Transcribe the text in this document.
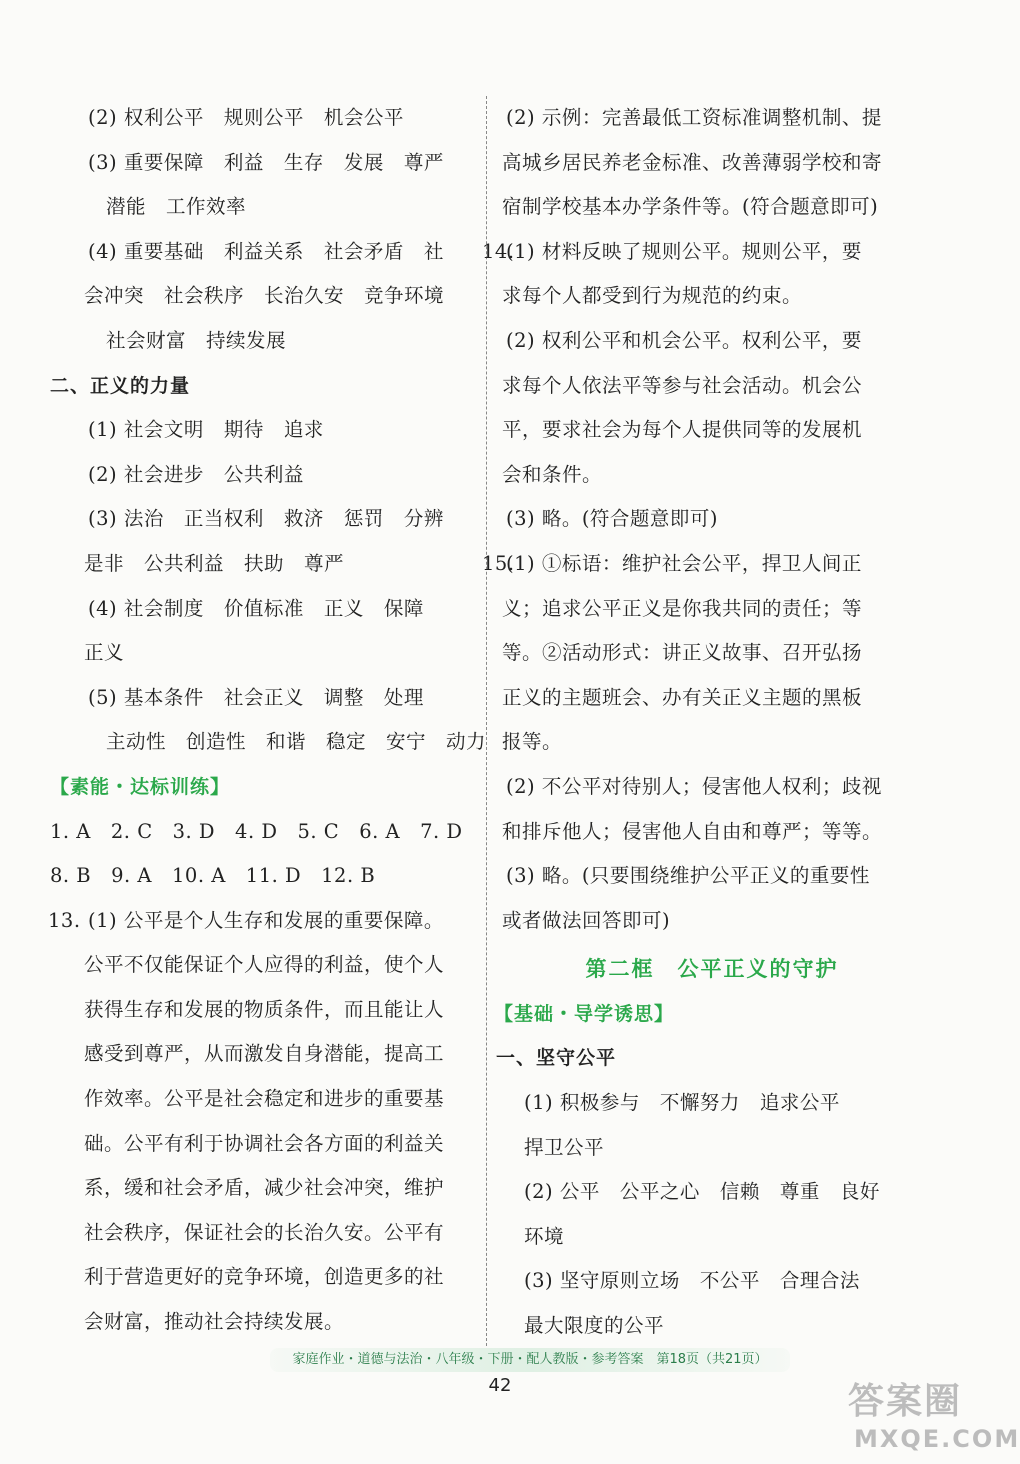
(2) 权利公平　规则公平　机会公平
(3) 重要保障　利益　生存　发展　尊严
潜能　工作效率
(4) 重要基础　利益关系　社会矛盾　社
会冲突　社会秩序　长治久安　竞争环境
社会财富　持续发展
二、正义的力量
(1) 社会文明　期待　追求
(2) 社会进步　公共利益
(3) 法治　正当权利　救济　惩罚　分辨
是非　公共利益　扶助　尊严
(4) 社会制度　价值标准　正义　保障
正义
(5) 基本条件　社会正义　调整　处理
主动性　创造性　和谐　稳定　安宁　动力
【素能・达标训练】
1. A　2. C　3. D　4. D　5. C　6. A　7. D
8. B　9. A　10. A　11. D　12. B
13. (1) 公平是个人生存和发展的重要保障。
公平不仅能保证个人应得的利益，使个人
获得生存和发展的物质条件，而且能让人
感受到尊严，从而激发自身潜能，提高工
作效率。公平是社会稳定和进步的重要基
础。公平有利于协调社会各方面的利益关
系，缓和社会矛盾，减少社会冲突，维护
社会秩序，保证社会的长治久安。公平有
利于营造更好的竞争环境，创造更多的社
会财富，推动社会持续发展。
(2) 示例：完善最低工资标准调整机制、提
高城乡居民养老金标准、改善薄弱学校和寄
宿制学校基本办学条件等。(符合题意即可)
14.
(1) 材料反映了规则公平。规则公平，要
求每个人都受到行为规范的约束。
(2) 权利公平和机会公平。权利公平，要
求每个人依法平等参与社会活动。机会公
平，要求社会为每个人提供同等的发展机
会和条件。
(3) 略。(符合题意即可)
15.
(1) ①标语：维护社会公平，捍卫人间正
义；追求公平正义是你我共同的责任；等
等。②活动形式：讲正义故事、召开弘扬
正义的主题班会、办有关正义主题的黑板
报等。
(2) 不公平对待别人；侵害他人权利；歧视
和排斥他人；侵害他人自由和尊严；等等。
(3) 略。(只要围绕维护公平正义的重要性
或者做法回答即可)
第二框　公平正义的守护
【基础・导学诱思】
一、坚守公平
(1) 积极参与　不懈努力　追求公平
捍卫公平
(2) 公平　公平之心　信赖　尊重　良好
环境
(3) 坚守原则立场　不公平　合理合法
最大限度的公平
家庭作业・道德与法治・八年级・下册・配人教版・参考答案　第18页（共21页）
42	答案圈
MXQE.COM
